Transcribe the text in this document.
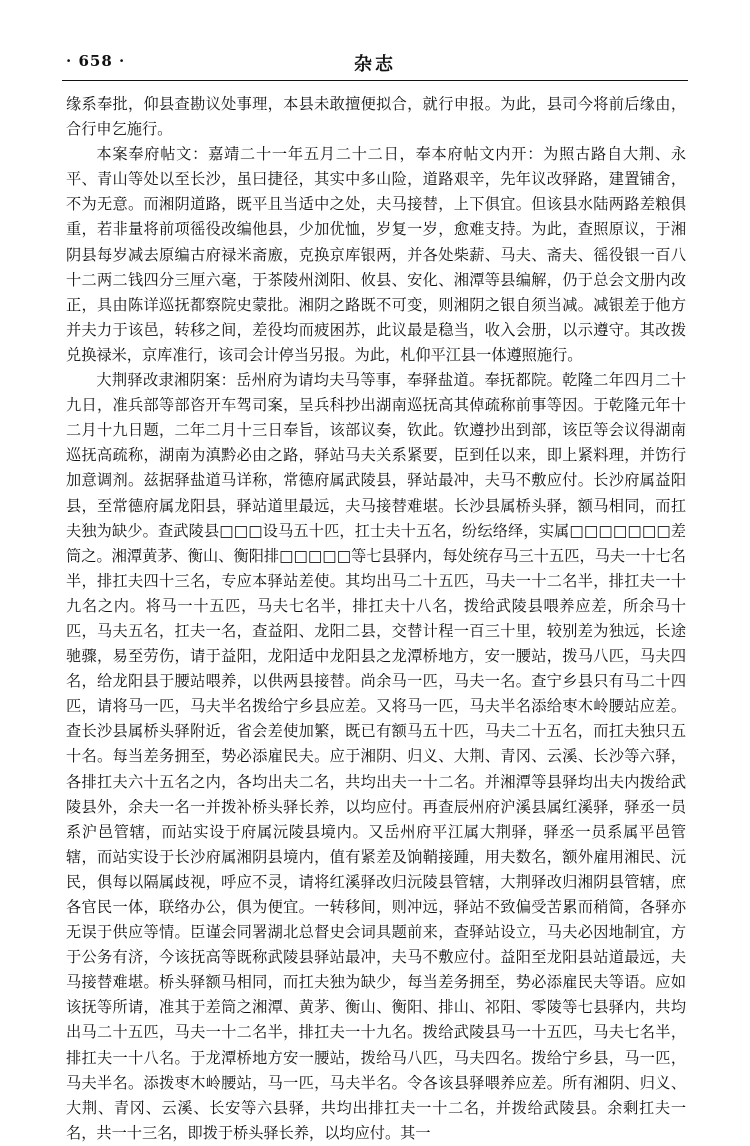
· 658 ·	杂志

缘系奉批，仰县查勘议处事理，本县未敢擅便拟合，就行申报。为此，县司今将前后缘由，合行申乞施行。

本案奉府帖文：嘉靖二十一年五月二十二日，奉本府帖文内开：为照古路自大荆、永平、青山等处以至长沙，虽曰捷径，其实中多山险，道路艰辛，先年议改驿路，建置铺舍，不为无意。而湘阴道路，既平且当适中之处，夫马接替，上下俱宜。但该县水陆两路差粮俱重，若非量将前项徭役改编他县，少加优恤，岁复一岁，愈难支持。为此，查照原议，于湘阴县每岁减去原编古府禄米斋廒，克换京库银两，并各处柴薪、马夫、斋夫、徭役银一百八十二两二钱四分三厘六毫，于茶陵州浏阳、攸县、安化、湘潭等县编解，仍于总会文册内改正，具由陈详巡抚都察院史蒙批。湘阴之路既不可变，则湘阴之银自须当减。减银差于他方并夫力于该邑，转移之间，差役均而疲困苏，此议最是稳当，收入会册，以示遵守。其改拨兑换禄米，京库准行，该司会计停当另报。为此，札仰平江县一体遵照施行。

大荆驿改隶湘阴案：岳州府为请均夫马等事，奉驿盐道。奉抚都院。乾隆二年四月二十九日，准兵部等部咨开车驾司案，呈兵科抄出湖南巡抚高其倬疏称前事等因。于乾隆元年十二月十九日题，二年二月十三日奉旨，该部议奏，钦此。钦遵抄出到部，该臣等会议得湖南巡抚高疏称，湖南为滇黔必由之路，驿站马夫关系紧要，臣到任以来，即上紧料理，并饬行加意调剂。兹据驿盐道马详称，常德府属武陵县，驿站最冲，夫马不敷应付。长沙府属益阳县，至常德府属龙阳县，驿站道里最远，夫马接替难堪。长沙县属桥头驿，额马相同，而扛夫独为缺少。查武陵县□□□设马五十匹，扛士夫十五名，纷纭络绎，实属□□□□□□□差筒之。湘潭黄茅、衡山、衡阳排□□□□□等七县驿内，每处统存马三十五匹，马夫一十七名半，排扛夫四十三名，专应本驿站差使。其均出马二十五匹，马夫一十二名半，排扛夫一十九名之内。将马一十五匹，马夫七名半，排扛夫十八名，拨给武陵县喂养应差，所余马十匹，马夫五名，扛夫一名，查益阳、龙阳二县，交替计程一百三十里，较别差为独远，长途驰骤，易至劳伤，请于益阳，龙阳适中龙阳县之龙潭桥地方，安一腰站，拨马八匹，马夫四名，给龙阳县于腰站喂养，以供两县接替。尚余马一匹，马夫一名。查宁乡县只有马二十四匹，请将马一匹，马夫半名拨给宁乡县应差。又将马一匹，马夫半名添给枣木岭腰站应差。查长沙县属桥头驿附近，省会差使加繁，既已有额马五十匹，马夫二十五名，而扛夫独只五十名。每当差务拥至，势必添雇民夫。应于湘阴、归义、大荆、青冈、云溪、长沙等六驿，各排扛夫六十五名之内，各均出夫二名，共均出夫一十二名。并湘潭等县驿均出夫内拨给武陵县外，余夫一名一并拨补桥头驿长养，以均应付。再查辰州府沪溪县属红溪驿，驿丞一员系沪邑管辖，而站实设于府属沅陵县境内。又岳州府平江属大荆驿，驿丞一员系属平邑管辖，而站实设于长沙府属湘阴县境内，值有紧差及饷鞘接踵，用夫数名，额外雇用湘民、沅民，俱每以隔属歧视，呼应不灵，请将红溪驿改归沅陵县管辖，大荆驿改归湘阴县管辖，庶各官民一体，联络办公，俱为便宜。一转移间，则冲远，驿站不致偏受苦累而稍简，各驿亦无误于供应等情。臣谨会同署湖北总督史会词具题前来，查驿站设立，马夫必因地制宜，方于公务有济，今该抚高等既称武陵县驿站最冲，夫马不敷应付。益阳至龙阳县站道最远，夫马接替难堪。桥头驿额马相同，而扛夫独为缺少，每当差务拥至，势必添雇民夫等语。应如该抚等所请，准其于差筒之湘潭、黄茅、衡山、衡阳、排山、祁阳、零陵等七县驿内，共均出马二十五匹，马夫一十二名半，排扛夫一十九名。拨给武陵县马一十五匹，马夫七名半，排扛夫一十八名。于龙潭桥地方安一腰站，拨给马八匹，马夫四名。拨给宁乡县，马一匹，马夫半名。添拨枣木岭腰站，马一匹，马夫半名。令各该县驿喂养应差。所有湘阴、归义、大荆、青冈、云溪、长安等六县驿，共均出排扛夫一十二名，并拨给武陵县。余剩扛夫一名，共一十三名，即拨于桥头驿长养，以均应付。其一
